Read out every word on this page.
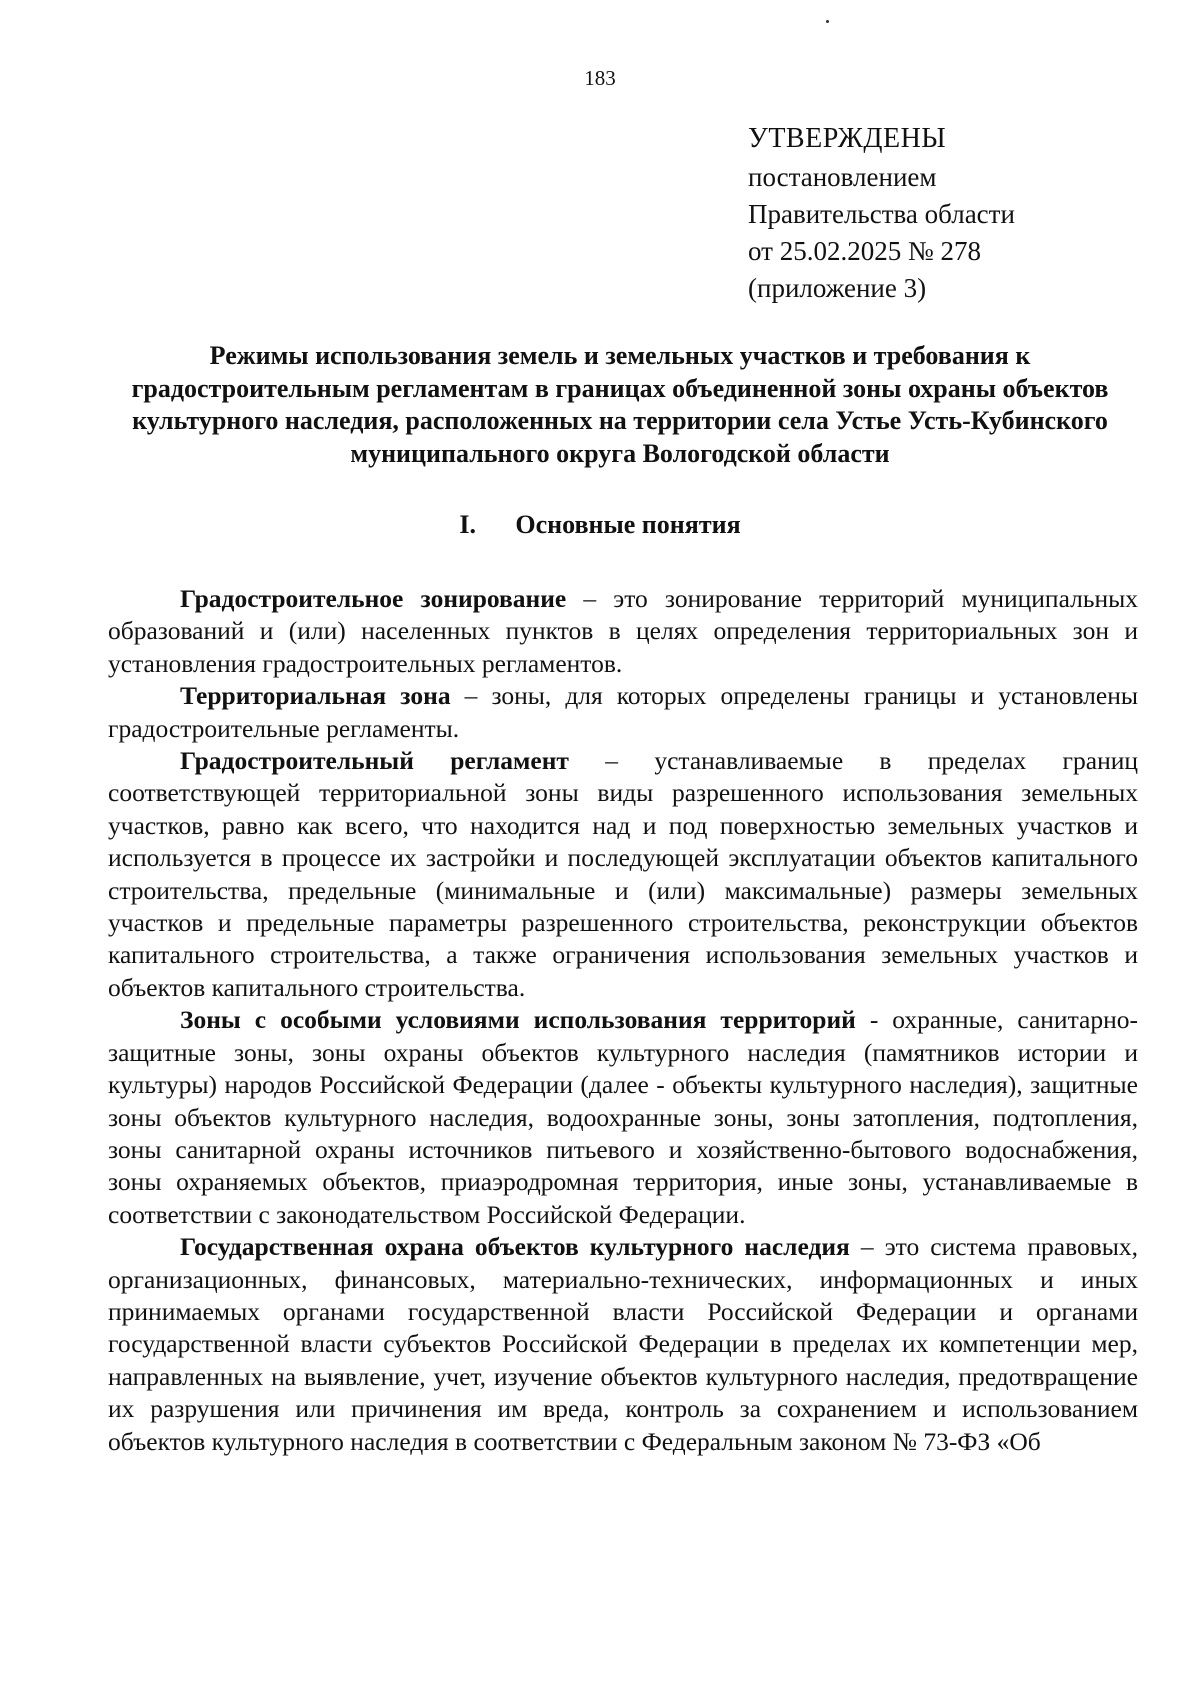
183
УТВЕРЖДЕНЫ
постановлением
Правительства области
от 25.02.2025 № 278
(приложение 3)
Режимы использования земель и земельных участков и требования к градостроительным регламентам в границах объединенной зоны охраны объектов культурного наследия, расположенных на территории села Устье Усть-Кубинского муниципального округа Вологодской области
I. Основные понятия

Градостроительное зонирование – это зонирование территорий муниципальных образований и (или) населенных пунктов в целях определения территориальных зон и установления градостроительных регламентов.

Территориальная зона – зоны, для которых определены границы и установлены градостроительные регламенты.

Градостроительный регламент – устанавливаемые в пределах границ соответствующей территориальной зоны виды разрешенного использования земельных участков, равно как всего, что находится над и под поверхностью земельных участков и используется в процессе их застройки и последующей эксплуатации объектов капитального строительства, предельные (минимальные и (или) максимальные) размеры земельных участков и предельные параметры разрешенного строительства, реконструкции объектов капитального строительства, а также ограничения использования земельных участков и объектов капитального строительства.

Зоны с особыми условиями использования территорий - охранные, санитарно-защитные зоны, зоны охраны объектов культурного наследия (памятников истории и культуры) народов Российской Федерации (далее - объекты культурного наследия), защитные зоны объектов культурного наследия, водоохранные зоны, зоны затопления, подтопления, зоны санитарной охраны источников питьевого и хозяйственно-бытового водоснабжения, зоны охраняемых объектов, приаэродромная территория, иные зоны, устанавливаемые в соответствии с законодательством Российской Федерации.

Государственная охрана объектов культурного наследия – это система правовых, организационных, финансовых, материально-технических, информационных и иных принимаемых органами государственной власти Российской Федерации и органами государственной власти субъектов Российской Федерации в пределах их компетенции мер, направленных на выявление, учет, изучение объектов культурного наследия, предотвращение их разрушения или причинения им вреда, контроль за сохранением и использованием объектов культурного наследия в соответствии с Федеральным законом № 73-ФЗ «Об
